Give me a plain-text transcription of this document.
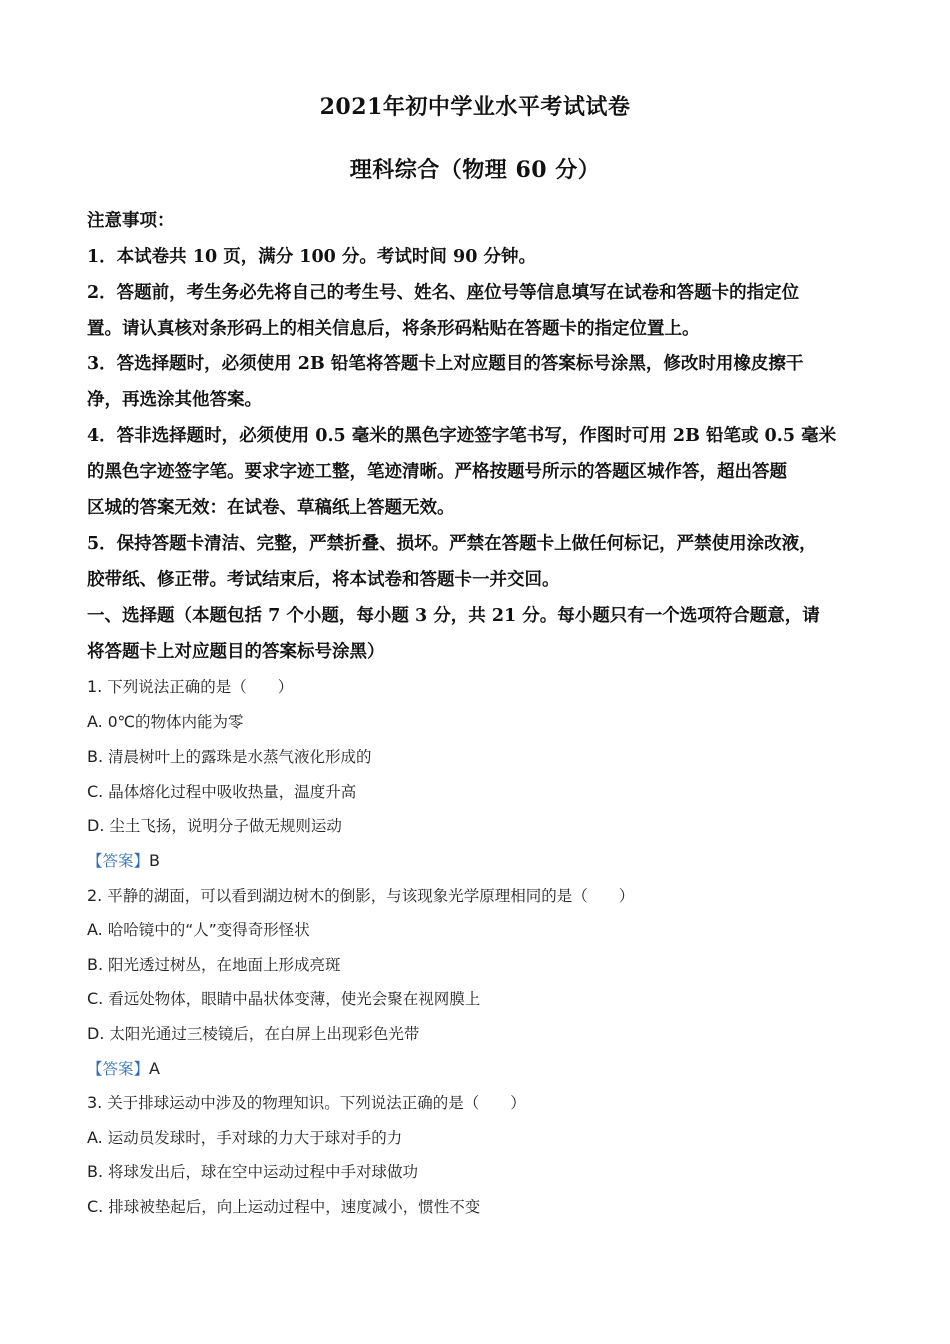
2021年初中学业水平考试试卷
理科综合（物理 60 分）
注意事项：
1．本试卷共 10 页，满分 100 分。考试时间 90 分钟。
2．答题前，考生务必先将自己的考生号、姓名、座位号等信息填写在试卷和答题卡的指定位
置。请认真核对条形码上的相关信息后，将条形码粘贴在答题卡的指定位置上。
3．答选择题时，必须使用 2B 铅笔将答题卡上对应题目的答案标号涂黑，修改时用橡皮擦干
净，再选涂其他答案。
4．答非选择题时，必须使用 0.5 毫米的黑色字迹签字笔书写，作图时可用 2B 铅笔或 0.5 毫米
的黑色字迹签字笔。要求字迹工整，笔迹清晰。严格按题号所示的答题区城作答，超出答题
区城的答案无效：在试卷、草稿纸上答题无效。
5．保持答题卡清洁、完整，严禁折叠、损坏。严禁在答题卡上做任何标记，严禁使用涂改液，
胶带纸、修正带。考试结束后，将本试卷和答题卡一并交回。
一、选择题（本题包括 7 个小题，每小题 3 分，共 21 分。每小题只有一个选项符合题意，请
将答题卡上对应题目的答案标号涂黑）
1. 下列说法正确的是（　　）
A. 0℃的物体内能为零
B. 清晨树叶上的露珠是水蒸气液化形成的
C. 晶体熔化过程中吸收热量，温度升高
D. 尘土飞扬，说明分子做无规则运动
【答案】B
2. 平静的湖面，可以看到湖边树木的倒影，与该现象光学原理相同的是（　　）
A. 哈哈镜中的“人”变得奇形怪状
B. 阳光透过树丛，在地面上形成亮斑
C. 看远处物体，眼睛中晶状体变薄，使光会聚在视网膜上
D. 太阳光通过三棱镜后，在白屏上出现彩色光带
【答案】A
3. 关于排球运动中涉及的物理知识。下列说法正确的是（　　）
A. 运动员发球时，手对球的力大于球对手的力
B. 将球发出后，球在空中运动过程中手对球做功
C. 排球被垫起后，向上运动过程中，速度减小，惯性不变
